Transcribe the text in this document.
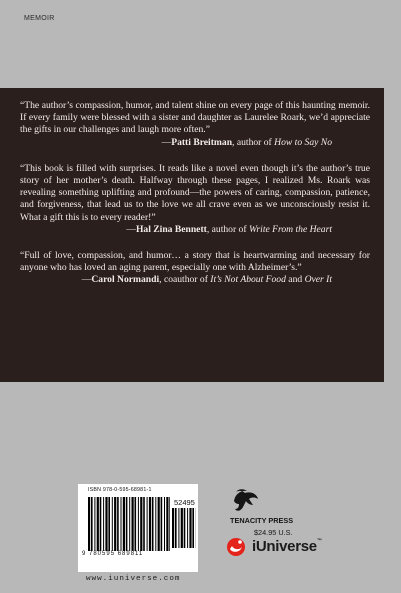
MEMOIR

“The author’s compassion, humor, and talent shine on every page of this haunting memoir. If every family were blessed with a sister and daughter as Laurelee Roark, we’d appreciate the gifts in our challenges and laugh more often.”

—Patti Breitman, author of How to Say No

“This book is filled with surprises. It reads like a novel even though it’s the author’s true story of her mother’s death. Halfway through these pages, I realized Ms. Roark was revealing something uplifting and profound—the powers of caring, compassion, patience, and forgiveness, that lead us to the love we all crave even as we unconsciously resist it. What a gift this is to every reader!”

—Hal Zina Bennett, author of Write From the Heart

“Full of love, compassion, and humor… a story that is heartwarming and necessary for anyone who has loved an aging parent, especially one with Alzheimer’s.”

—Carol Normandi, coauthor of It’s Not About Food and Over It

ISBN 978-0-595-68981-1
52495
9 780595 689811
www.iuniverse.com
TENACITY PRESS
$24.95 U.S.
iUniverse™
